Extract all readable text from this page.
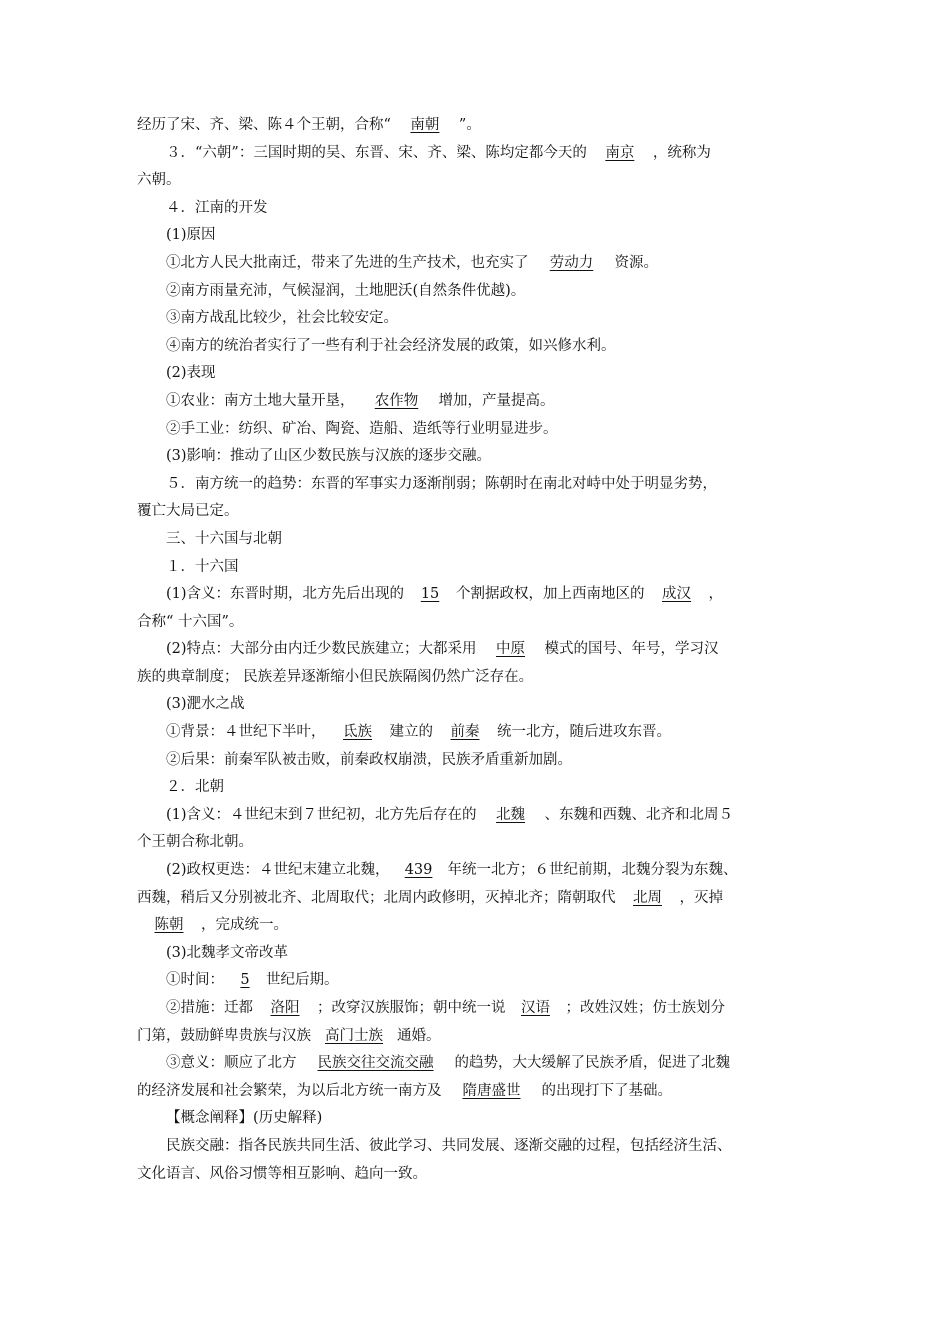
经历了宋、齐、梁、陈４个王朝，合称“ 南朝 ”。
３．“六朝”：三国时期的吴、东晋、宋、齐、梁、陈均定都今天的 南京 ，统称为
六朝。
４．江南的开发
(1)原因
①北方人民大批南迁，带来了先进的生产技术，也充实了 劳动力 资源。
②南方雨量充沛，气候湿润，土地肥沃(自然条件优越)。
③南方战乱比较少，社会比较安定。
④南方的统治者实行了一些有利于社会经济发展的政策，如兴修水利。
(2)表现
①农业：南方土地大量开垦， 农作物 增加，产量提高。
②手工业：纺织、矿冶、陶瓷、造船、造纸等行业明显进步。
(3)影响：推动了山区少数民族与汉族的逐步交融。
５．南方统一的趋势：东晋的军事实力逐渐削弱；陈朝时在南北对峙中处于明显劣势，
覆亡大局已定。
三、十六国与北朝
１．十六国
(1)含义：东晋时期，北方先后出现的 15 个割据政权，加上西南地区的 成汉 ，
合称“ 十六国”。
(2)特点：大部分由内迁少数民族建立；大都采用 中原 模式的国号、年号，学习汉
族的典章制度； 民族差异逐渐缩小但民族隔阂仍然广泛存在。
(3)淝水之战
①背景：４世纪下半叶， 氐族 建立的 前秦 统一北方，随后进攻东晋。
②后果：前秦军队被击败，前秦政权崩溃，民族矛盾重新加剧。
２．北朝
(1)含义：４世纪末到７世纪初，北方先后存在的 北魏 、东魏和西魏、北齐和北周５
个王朝合称北朝。
(2)政权更迭：４世纪末建立北魏， 439 年统一北方；６世纪前期，北魏分裂为东魏、
西魏，稍后又分别被北齐、北周取代；北周内政修明，灭掉北齐；隋朝取代 北周 ，灭掉
陈朝 ，完成统一。
(3)北魏孝文帝改革
①时间： 5 世纪后期。
②措施：迁都 洛阳 ；改穿汉族服饰；朝中统一说 汉语 ；改姓汉姓；仿士族划分
门第，鼓励鲜卑贵族与汉族 高门士族 通婚。
③意义：顺应了北方 民族交往交流交融 的趋势，大大缓解了民族矛盾，促进了北魏
的经济发展和社会繁荣，为以后北方统一南方及 隋唐盛世 的出现打下了基础。
【概念阐释】(历史解释)
民族交融：指各民族共同生活、彼此学习、共同发展、逐渐交融的过程，包括经济生活、
文化语言、风俗习惯等相互影响、趋向一致。
